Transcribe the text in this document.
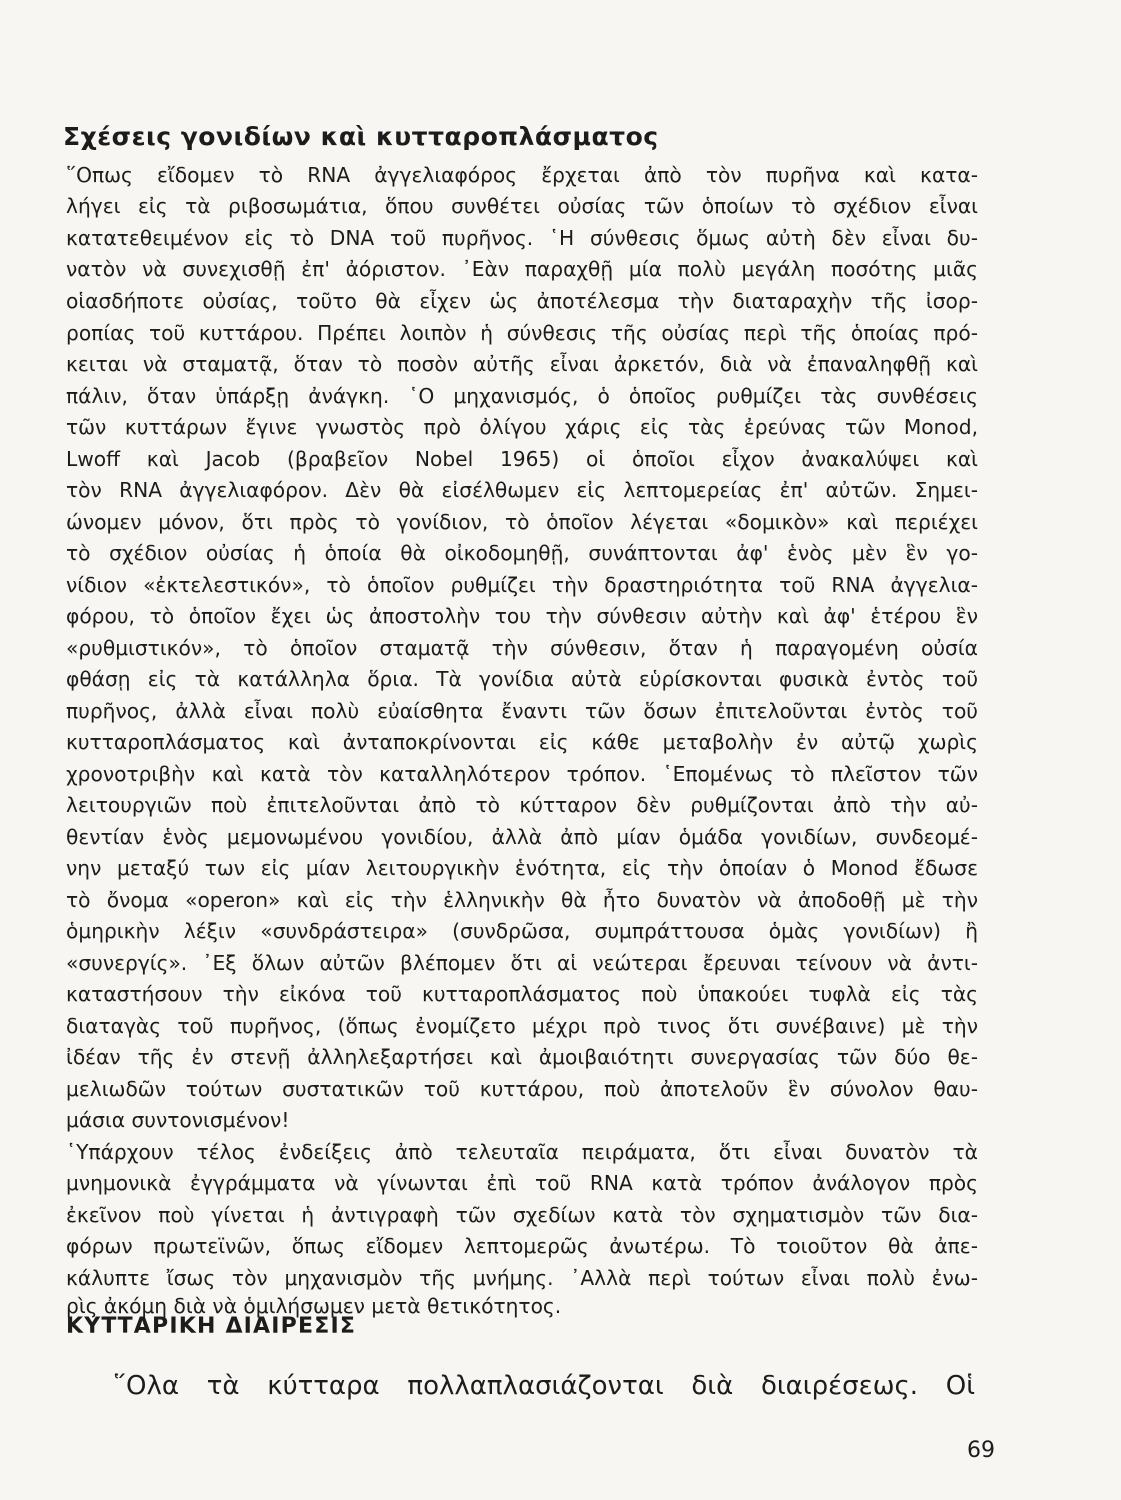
Σχέσεις γονιδίων καὶ κυτταροπλάσματος
῞Οπως εἴδομεν τὸ RNA ἀγγελιαφόρος ἔρχεται ἀπὸ τὸν πυρῆνα καὶ κατα-
λήγει εἰς τὰ ριβοσωμάτια, ὅπου συνθέτει οὐσίας τῶν ὁποίων τὸ σχέδιον εἶναι
κατατεθειμένον εἰς τὸ DNA τοῦ πυρῆνος. ῾Η σύνθεσις ὅμως αὐτὴ δὲν εἶναι δυ-
νατὸν νὰ συνεχισθῇ ἐπ' ἀόριστον. ᾿Εὰν παραχθῇ μία πολὺ μεγάλη ποσότης μιᾶς
οἱασδήποτε οὐσίας, τοῦτο θὰ εἶχεν ὡς ἀποτέλεσμα τὴν διαταραχὴν τῆς ἰσορ-
ροπίας τοῦ κυττάρου. Πρέπει λοιπὸν ἡ σύνθεσις τῆς οὐσίας περὶ τῆς ὁποίας πρό-
κειται νὰ σταματᾷ, ὅταν τὸ ποσὸν αὐτῆς εἶναι ἀρκετόν, διὰ νὰ ἐπαναληφθῇ καὶ
πάλιν, ὅταν ὑπάρξῃ ἀνάγκη. ῾Ο μηχανισμός, ὁ ὁποῖος ρυθμίζει τὰς συνθέσεις
τῶν κυττάρων ἔγινε γνωστὸς πρὸ ὀλίγου χάρις εἰς τὰς ἐρεύνας τῶν Monod,
Lwoff καὶ Jacob (βραβεῖον Nobel 1965) οἱ ὁποῖοι εἶχον ἀνακαλύψει καὶ
τὸν RNA ἀγγελιαφόρον. Δὲν θὰ εἰσέλθωμεν εἰς λεπτομερείας ἐπ' αὐτῶν. Σημει-
ώνομεν μόνον, ὅτι πρὸς τὸ γονίδιον, τὸ ὁποῖον λέγεται «δομικὸν» καὶ περιέχει
τὸ σχέδιον οὐσίας ἡ ὁποία θὰ οἰκοδομηθῇ, συνάπτονται ἀφ' ἑνὸς μὲν ἓν γο-
νίδιον «ἐκτελεστικόν», τὸ ὁποῖον ρυθμίζει τὴν δραστηριότητα τοῦ RNA ἀγγελια-
φόρου, τὸ ὁποῖον ἔχει ὡς ἀποστολὴν του τὴν σύνθεσιν αὐτὴν καὶ ἀφ' ἑτέρου ἓν
«ρυθμιστικόν», τὸ ὁποῖον σταματᾷ τὴν σύνθεσιν, ὅταν ἡ παραγομένη οὐσία
φθάσῃ εἰς τὰ κατάλληλα ὅρια. Τὰ γονίδια αὐτὰ εὑρίσκονται φυσικὰ ἐντὸς τοῦ
πυρῆνος, ἀλλὰ εἶναι πολὺ εὐαίσθητα ἔναντι τῶν ὅσων ἐπιτελοῦνται ἐντὸς τοῦ
κυτταροπλάσματος καὶ ἀνταποκρίνονται εἰς κάθε μεταβολὴν ἐν αὐτῷ χωρὶς
χρονοτριβὴν καὶ κατὰ τὸν καταλληλότερον τρόπον. ῾Επομένως τὸ πλεῖστον τῶν
λειτουργιῶν ποὺ ἐπιτελοῦνται ἀπὸ τὸ κύτταρον δὲν ρυθμίζονται ἀπὸ τὴν αὐ-
θεντίαν ἑνὸς μεμονωμένου γονιδίου, ἀλλὰ ἀπὸ μίαν ὁμάδα γονιδίων, συνδεομέ-
νην μεταξύ των εἰς μίαν λειτουργικὴν ἑνότητα, εἰς τὴν ὁποίαν ὁ Monod ἔδωσε
τὸ ὄνομα «operon» καὶ εἰς τὴν ἑλληνικὴν θὰ ἦτο δυνατὸν νὰ ἀποδοθῇ μὲ τὴν
ὁμηρικὴν λέξιν «συνδράστειρα» (συνδρῶσα, συμπράττουσα ὁμὰς γονιδίων) ἢ
«συνεργίς». ᾿Εξ ὅλων αὐτῶν βλέπομεν ὅτι αἱ νεώτεραι ἔρευναι τείνουν νὰ ἀντι-
καταστήσουν τὴν εἰκόνα τοῦ κυτταροπλάσματος ποὺ ὑπακούει τυφλὰ εἰς τὰς
διαταγὰς τοῦ πυρῆνος, (ὅπως ἐνομίζετο μέχρι πρὸ τινος ὅτι συνέβαινε) μὲ τὴν
ἰδέαν τῆς ἐν στενῇ ἀλληλεξαρτήσει καὶ ἀμοιβαιότητι συνεργασίας τῶν δύο θε-
μελιωδῶν τούτων συστατικῶν τοῦ κυττάρου, ποὺ ἀποτελοῦν ἓν σύνολον θαυ-
μάσια συντονισμένον!
῾Υπάρχουν τέλος ἐνδείξεις ἀπὸ τελευταῖα πειράματα, ὅτι εἶναι δυνατὸν τὰ
μνημονικὰ ἐγγράμματα νὰ γίνωνται ἐπὶ τοῦ RNA κατὰ τρόπον ἀνάλογον πρὸς
ἐκεῖνον ποὺ γίνεται ἡ ἀντιγραφὴ τῶν σχεδίων κατὰ τὸν σχηματισμὸν τῶν δια-
φόρων πρωτεϊνῶν, ὅπως εἴδομεν λεπτομερῶς ἀνωτέρω. Τὸ τοιοῦτον θὰ ἀπε-
κάλυπτε ἴσως τὸν μηχανισμὸν τῆς μνήμης. ᾿Αλλὰ περὶ τούτων εἶναι πολὺ ἐνω-
ρὶς ἀκόμη διὰ νὰ ὁμιλήσωμεν μετὰ θετικότητος.
ΚΥΤΤΑΡΙΚΗ ΔΙΑΙΡΕΣΙΣ
῞Ολα τὰ κύτταρα πολλαπλασιάζονται διὰ διαιρέσεως. Οἱ
69
